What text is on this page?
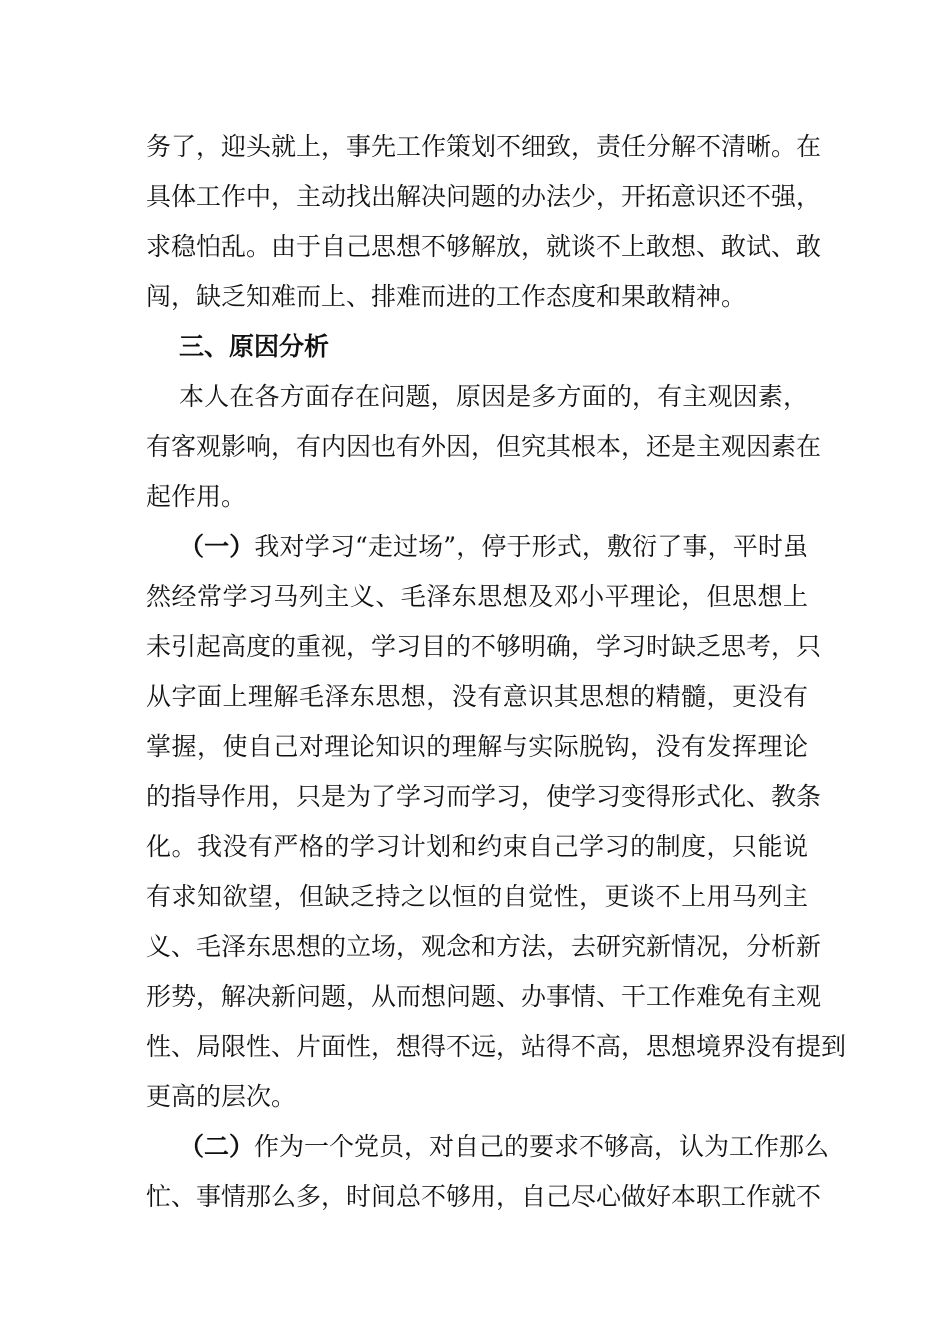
务了，迎头就上，事先工作策划不细致，责任分解不清晰。在
具体工作中，主动找出解决问题的办法少，开拓意识还不强，
求稳怕乱。由于自己思想不够解放，就谈不上敢想、敢试、敢
闯，缺乏知难而上、排难而进的工作态度和果敢精神。
三、原因分析
本人在各方面存在问题，原因是多方面的，有主观因素，
有客观影响，有内因也有外因，但究其根本，还是主观因素在
起作用。
（一）我对学习“走过场”，停于形式，敷衍了事，平时虽
然经常学习马列主义、毛泽东思想及邓小平理论，但思想上
未引起高度的重视，学习目的不够明确，学习时缺乏思考，只
从字面上理解毛泽东思想，没有意识其思想的精髓，更没有
掌握，使自己对理论知识的理解与实际脱钩，没有发挥理论
的指导作用，只是为了学习而学习，使学习变得形式化、教条
化。我没有严格的学习计划和约束自己学习的制度，只能说
有求知欲望，但缺乏持之以恒的自觉性，更谈不上用马列主
义、毛泽东思想的立场，观念和方法，去研究新情况，分析新
形势，解决新问题，从而想问题、办事情、干工作难免有主观
性、局限性、片面性，想得不远，站得不高，思想境界没有提到
更高的层次。
（二）作为一个党员，对自己的要求不够高，认为工作那么
忙、事情那么多，时间总不够用，自己尽心做好本职工作就不
